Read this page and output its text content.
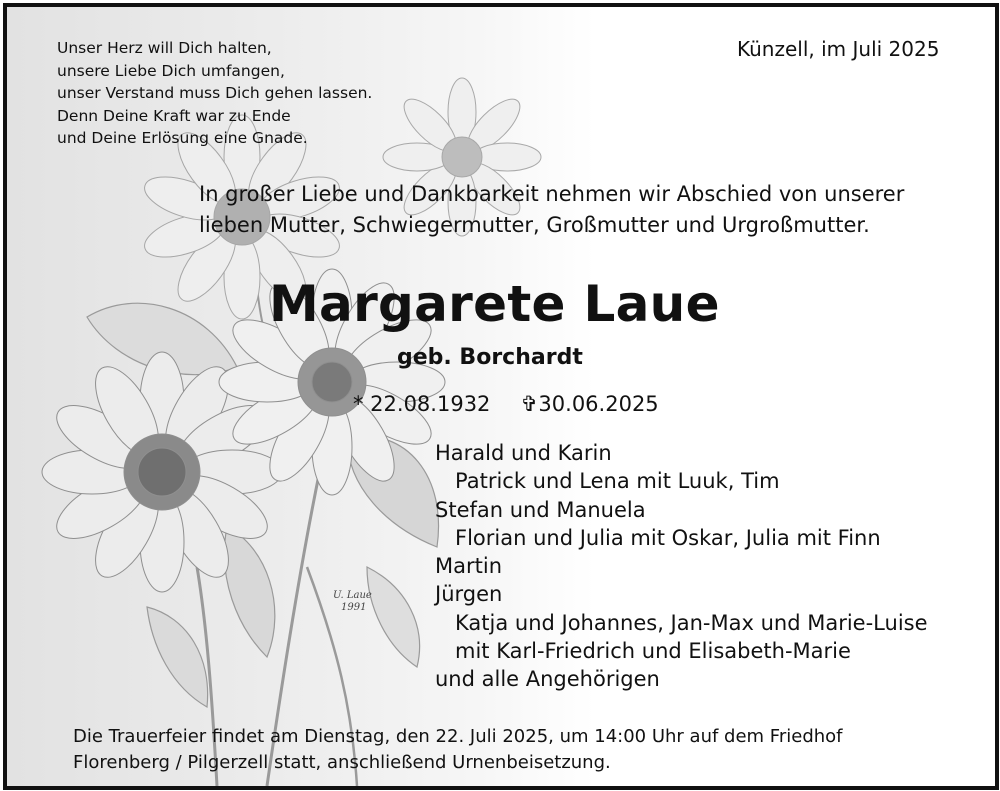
U. Laue
1991
Unser Herz will Dich halten,
unsere Liebe Dich umfangen,
unser Verstand muss Dich gehen lassen.
Denn Deine Kraft war zu Ende
und Deine Erlösung eine Gnade.
Künzell, im Juli 2025
In großer Liebe und Dankbarkeit nehmen wir Abschied von unserer
lieben Mutter, Schwiegermutter, Großmutter und Urgroßmutter.
Margarete Laue
geb. Borchardt
* 22.08.1932 ✞30.06.2025
Harald und Karin
Patrick und Lena mit Luuk, Tim
Stefan und Manuela
Florian und Julia mit Oskar, Julia mit Finn
Martin
Jürgen
Katja und Johannes, Jan-Max und Marie-Luise
mit Karl-Friedrich und Elisabeth-Marie
und alle Angehörigen
Die Trauerfeier findet am Dienstag, den 22. Juli 2025, um 14:00 Uhr auf dem Friedhof
Florenberg / Pilgerzell statt, anschließend Urnenbeisetzung.
